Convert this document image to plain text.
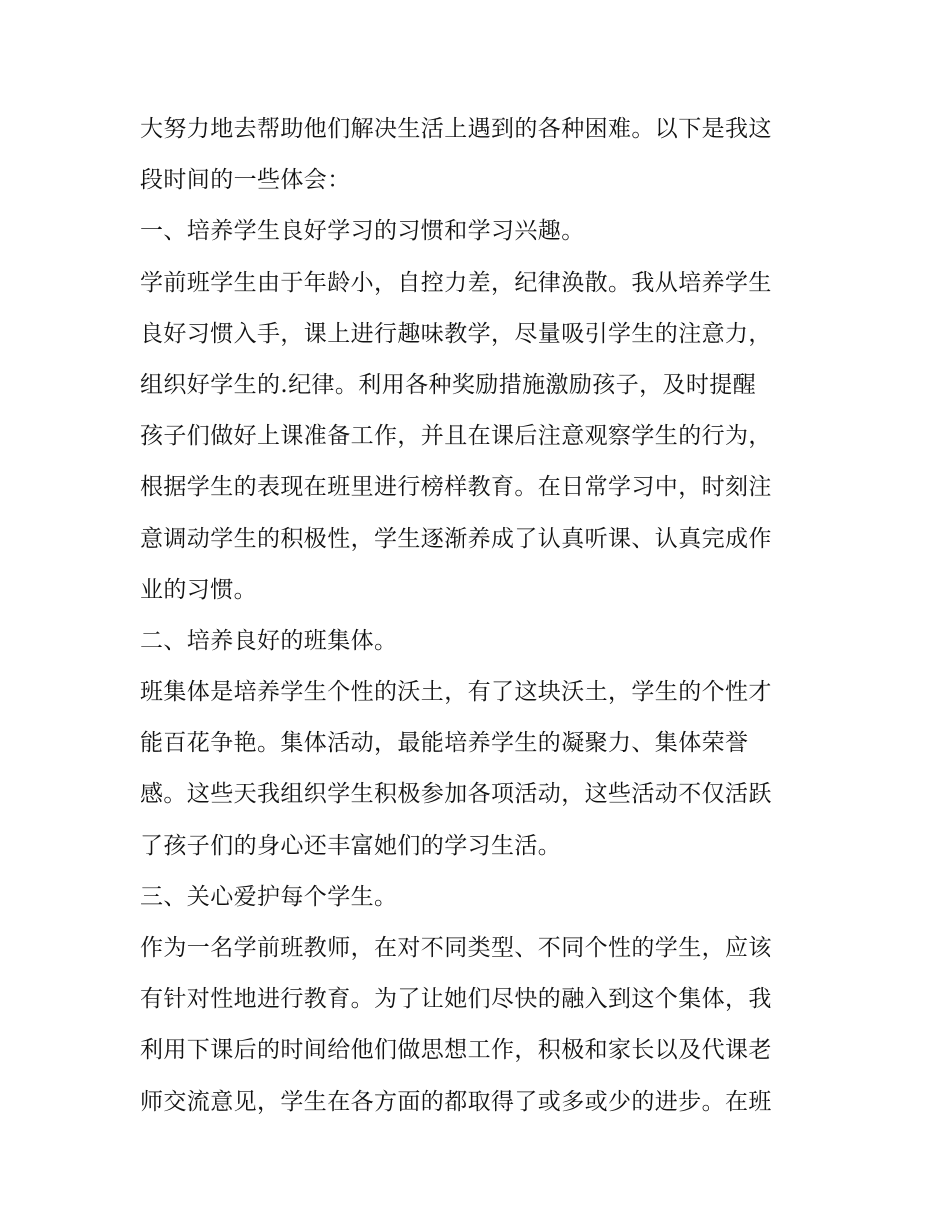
大努力地去帮助他们解决生活上遇到的各种困难。以下是我这
段时间的一些体会：
一、培养学生良好学习的习惯和学习兴趣。
学前班学生由于年龄小，自控力差，纪律涣散。我从培养学生
良好习惯入手，课上进行趣味教学，尽量吸引学生的注意力，
组织好学生的.纪律。利用各种奖励措施激励孩子，及时提醒
孩子们做好上课准备工作，并且在课后注意观察学生的行为，
根据学生的表现在班里进行榜样教育。在日常学习中，时刻注
意调动学生的积极性，学生逐渐养成了认真听课、认真完成作
业的习惯。
二、培养良好的班集体。
班集体是培养学生个性的沃土，有了这块沃土，学生的个性才
能百花争艳。集体活动，最能培养学生的凝聚力、集体荣誉
感。这些天我组织学生积极参加各项活动，这些活动不仅活跃
了孩子们的身心还丰富她们的学习生活。
三、关心爱护每个学生。
作为一名学前班教师，在对不同类型、不同个性的学生，应该
有针对性地进行教育。为了让她们尽快的融入到这个集体，我
利用下课后的时间给他们做思想工作，积极和家长以及代课老
师交流意见，学生在各方面的都取得了或多或少的进步。在班
